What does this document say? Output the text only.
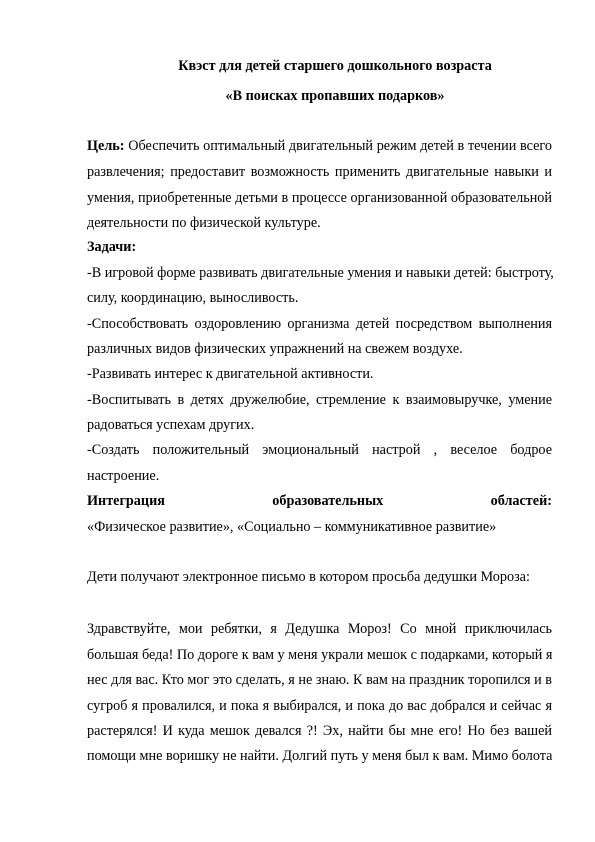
Квэст для детей старшего дошкольного возраста
«В поисках пропавших подарков»
Цель: Обеспечить оптимальный двигательный режим детей в течении всего
развлечения; предоставит возможность применить двигательные навыки и
умения, приобретенные детьми в процессе организованной образовательной
деятельности по физической культуре.
Задачи:
-В игровой форме развивать двигательные умения и навыки детей: быстроту,
силу, координацию, выносливость.
-Способствовать оздоровлению организма детей посредством выполнения
различных видов физических упражнений на свежем воздухе.
-Развивать интерес к двигательной активности.
-Воспитывать в детях дружелюбие, стремление к взаимовыручке, умение
радоваться успехам других.
-Создать положительный эмоциональный настрой , веселое бодрое
настроение.
Интеграция	образовательных	областей:
«Физическое развитие», «Социально – коммуникативное развитие»
Дети получают электронное письмо в котором просьба дедушки Мороза:
Здравствуйте, мои ребятки, я Дедушка Мороз! Со мной приключилась
большая беда! По дороге к вам у меня украли мешок с подарками, который я
нес для вас. Кто мог это сделать, я не знаю. К вам на праздник торопился и в
сугроб я провалился, и пока я выбирался, и пока до вас добрался и сейчас я
растерялся! И куда мешок девался ?! Эх, найти бы мне его! Но без вашей
помощи мне воришку не найти. Долгий путь у меня был к вам. Мимо болота
